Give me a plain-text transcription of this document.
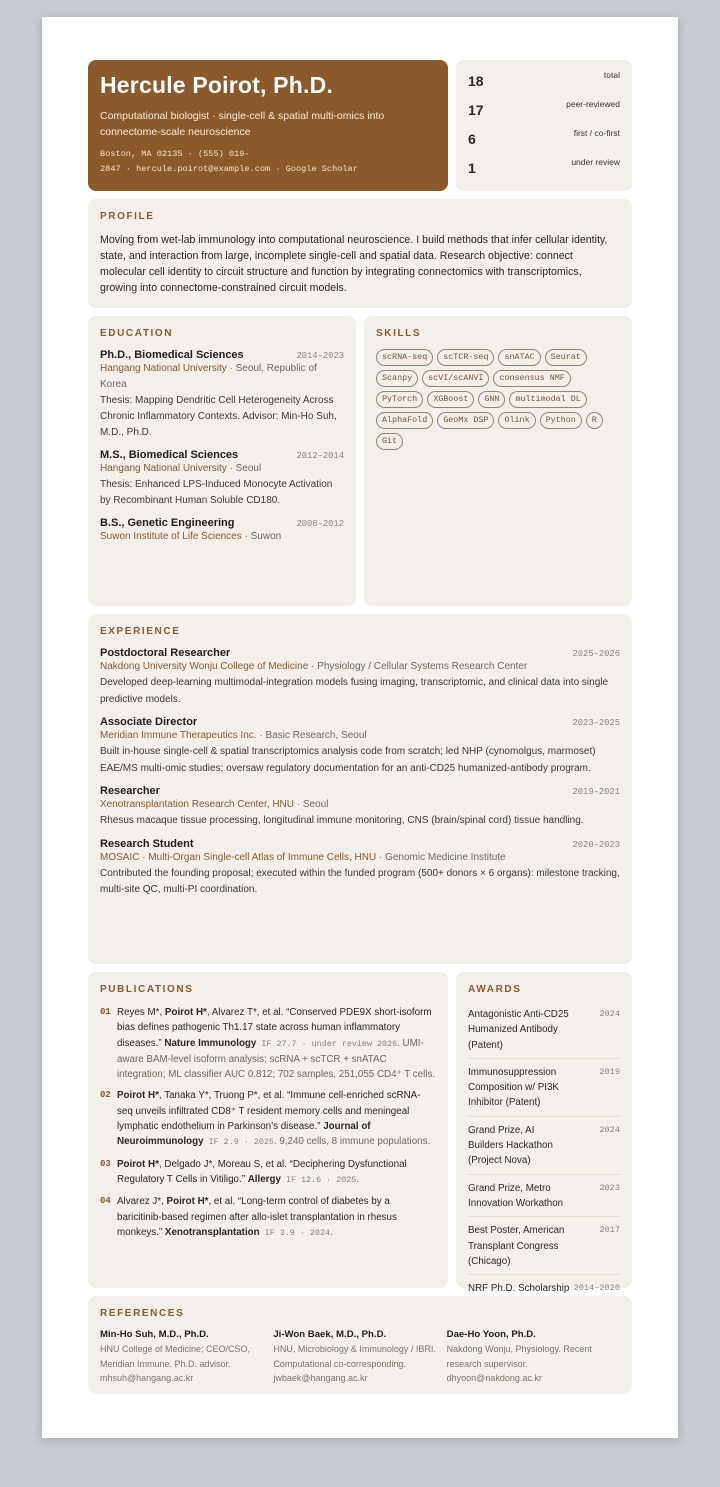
Hercule Poirot, Ph.D.
Computational biologist · single-cell & spatial multi-omics into connectome-scale neuroscience
Boston, MA 02135 · (555) 019-
2847 · hercule.poirot@example.com · Google Scholar
18	total
17	peer-reviewed
6	first / co-first
1	under review
PROFILE

Moving from wet-lab immunology into computational neuroscience. I build methods that infer cellular identity, state, and interaction from large, incomplete single-cell and spatial data. Research objective: connect molecular cell identity to circuit structure and function by integrating connectomics with transcriptomics, growing into connectome-constrained circuit models.

EDUCATION
Ph.D., Biomedical Sciences	2014–2023
Hangang National University · Seoul, Republic of Korea
Thesis: Mapping Dendritic Cell Heterogeneity Across Chronic Inflammatory Contexts. Advisor: Min-Ho Suh, M.D., Ph.D.
M.S., Biomedical Sciences	2012–2014
Hangang National University · Seoul
Thesis: Enhanced LPS-Induced Monocyte Activation by Recombinant Human Soluble CD180.
B.S., Genetic Engineering	2008–2012
Suwon Institute of Life Sciences · Suwon
SKILLS
scRNA-seq	scTCR-seq	snATAC	Seurat
Scanpy	scVI/scANVI	consensus NMF
PyTorch	XGBoost	GNN	multimodal DL
AlphaFold	GeoMx DSP	Olink	Python	R
Git
EXPERIENCE
Postdoctoral Researcher	2025–2026
Nakdong University Wonju College of Medicine · Physiology / Cellular Systems Research Center
Developed deep-learning multimodal-integration models fusing imaging, transcriptomic, and clinical data into single predictive models.
Associate Director	2023–2025
Meridian Immune Therapeutics Inc. · Basic Research, Seoul
Built in-house single-cell & spatial transcriptomics analysis code from scratch; led NHP (cynomolgus, marmoset) EAE/MS multi-omic studies; oversaw regulatory documentation for an anti-CD25 humanized-antibody program.
Researcher	2019–2021
Xenotransplantation Research Center, HNU · Seoul
Rhesus macaque tissue processing, longitudinal immune monitoring, CNS (brain/spinal cord) tissue handling.
Research Student	2020–2023
MOSAIC · Multi-Organ Single-cell Atlas of Immune Cells, HNU · Genomic Medicine Institute
Contributed the founding proposal; executed within the funded program (500+ donors × 6 organs): milestone tracking, multi-site QC, multi-PI coordination.
PUBLICATIONS
01 Reyes M*, Poirot H*, Alvarez T*, et al. “Conserved PDE9X short-isoform bias defines pathogenic Th1.17 state across human inflammatory diseases.” Nature Immunology IF 27.7 · under review 2026. UMI-aware BAM-level isoform analysis; scRNA + scTCR + snATAC integration; ML classifier AUC 0.812; 702 samples, 251,055 CD4⁺ T cells.
02 Poirot H*, Tanaka Y*, Truong P*, et al. “Immune cell-enriched scRNA-seq unveils infiltrated CD8⁺ T resident memory cells and meningeal lymphatic endothelium in Parkinson’s disease.” Journal of Neuroimmunology IF 2.9 · 2025. 9,240 cells, 8 immune populations.
03 Poirot H*, Delgado J*, Moreau S, et al. “Deciphering Dysfunctional Regulatory T Cells in Vitiligo.” Allergy IF 12.6 · 2025.
04 Alvarez J*, Poirot H*, et al. “Long-term control of diabetes by a baricitinib-based regimen after allo-islet transplantation in rhesus monkeys.” Xenotransplantation IF 3.9 · 2024.
AWARDS
Antagonistic Anti-CD25 Humanized Antibody (Patent)
2024
Immunosuppression Composition w/ PI3K Inhibitor (Patent)
2019
Grand Prize, AI Builders Hackathon (Project Nova)
2024
Grand Prize, Metro Innovation Workathon
2023
Best Poster, American Transplant Congress (Chicago)
2017
NRF Ph.D. Scholarship 2014–2020
REFERENCES
Min-Ho Suh, M.D., Ph.D.
HNU College of Medicine; CEO/CSO,
Meridian Immune. Ph.D. advisor.
mhsuh@hangang.ac.kr
Ji-Won Baek, M.D., Ph.D.
HNU, Microbiology & Immunology / IBRI.
Computational co-corresponding.
jwbaek@hangang.ac.kr
Dae-Ho Yoon, Ph.D.
Nakdong Wonju, Physiology. Recent
research supervisor.
dhyoon@nakdong.ac.kr
